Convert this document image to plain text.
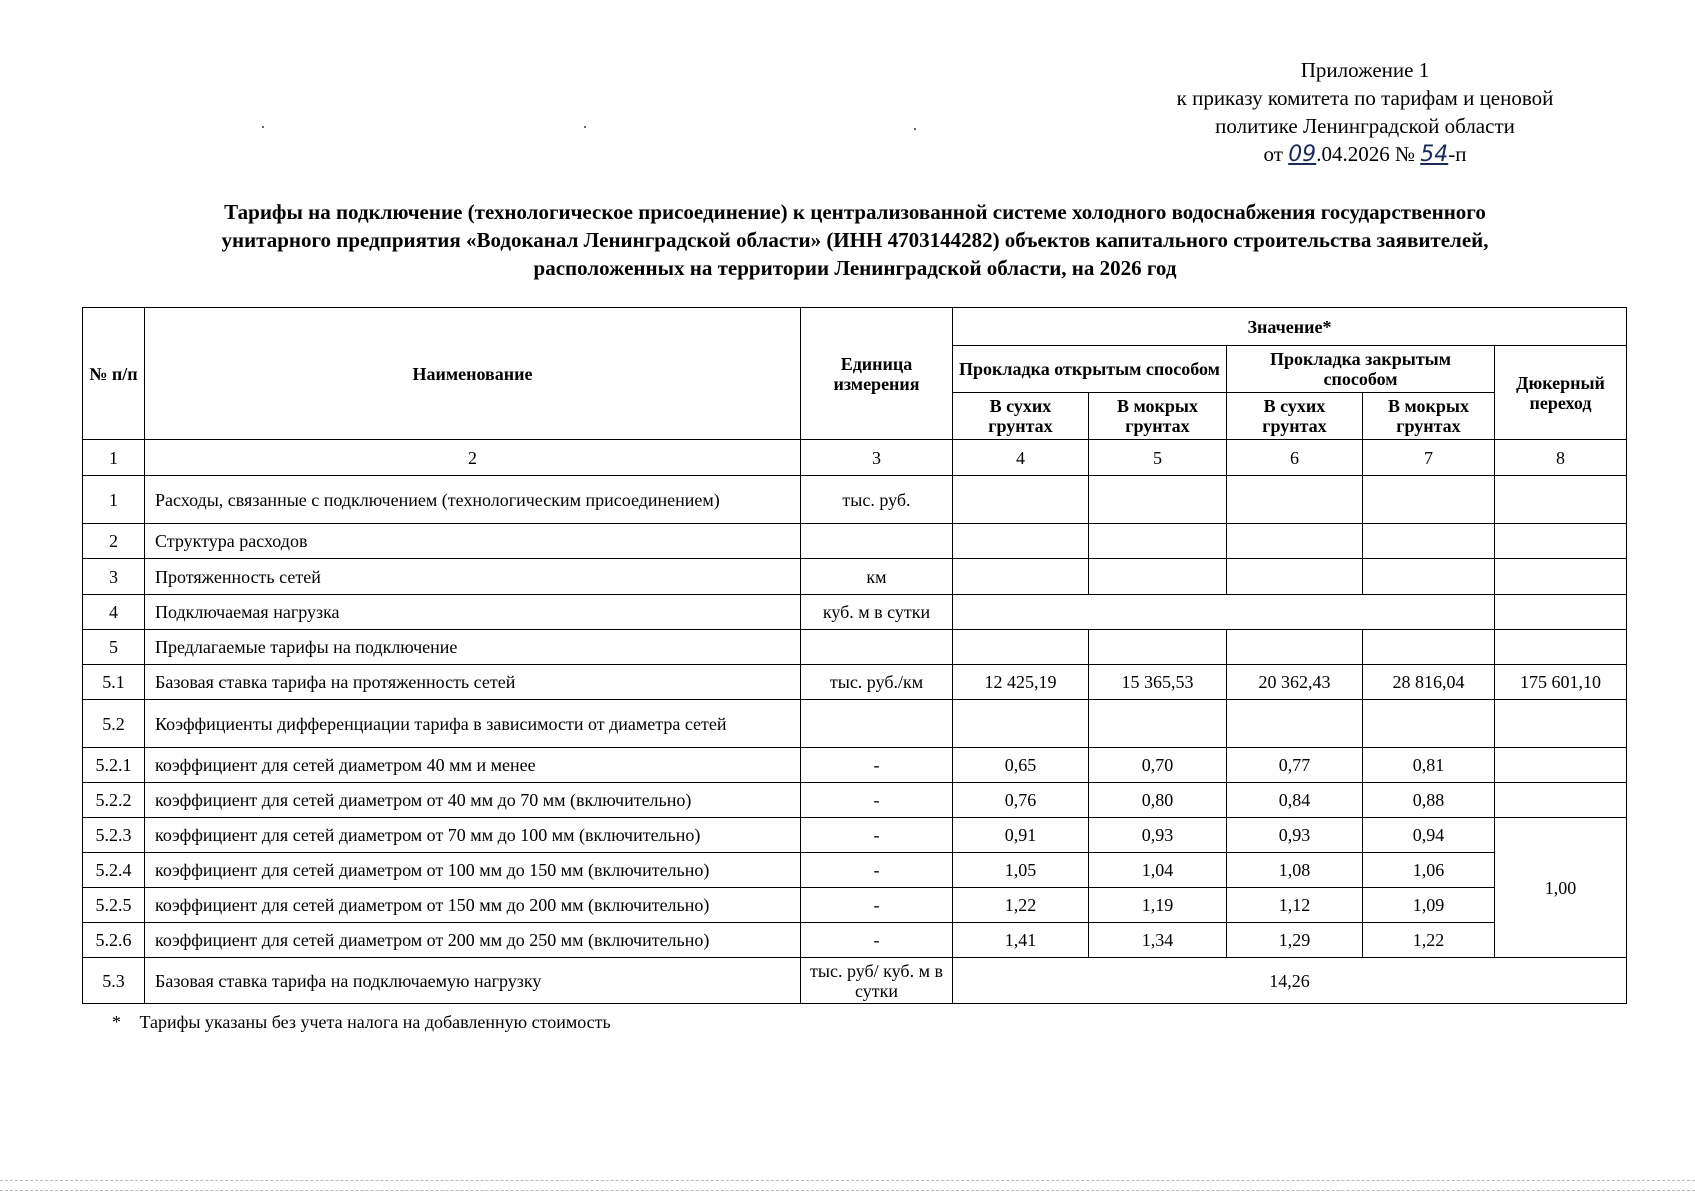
Приложение 1
к приказу комитета по тарифам и ценовой
политике Ленинградской области
от 09.04.2026 № 54-п
Тарифы на подключение (технологическое присоединение) к централизованной системе холодного водоснабжения государственного
унитарного предприятия «Водоканал Ленинградской области» (ИНН 4703144282) объектов капитального строительства заявителей,
расположенных на территории Ленинградской области, на 2026 год
№ п/п	Наименование	Единица измерения	Значение*				
			Прокладка открытым способом		Прокладка закрытым способом		Дюкерный переход
			В сухих грунтах	В мокрых грунтах	В сухих грунтах	В мокрых грунтах	
1	2	3	4	5	6	7	8
1	Расходы, связанные с подключением (технологическим присоединением)	тыс. руб.					
2	Структура расходов						
3	Протяженность сетей	км					
4	Подключаемая нагрузка	куб. м в сутки					
5	Предлагаемые тарифы на подключение						
5.1	Базовая ставка тарифа на протяженность сетей	тыс. руб./км	12 425,19	15 365,53	20 362,43	28 816,04	175 601,10
5.2	Коэффициенты дифференциации тарифа в зависимости от диаметра сетей						
5.2.1	коэффициент для сетей диаметром 40 мм и менее	-	0,65	0,70	0,77	0,81	
5.2.2	коэффициент для сетей диаметром от 40 мм до 70 мм (включительно)	-	0,76	0,80	0,84	0,88	
5.2.3	коэффициент для сетей диаметром от 70 мм до 100 мм (включительно)	-	0,91	0,93	0,93	0,94	1,00
5.2.4	коэффициент для сетей диаметром от 100 мм до 150 мм (включительно)	-	1,05	1,04	1,08	1,06	
5.2.5	коэффициент для сетей диаметром от 150 мм до 200 мм (включительно)	-	1,22	1,19	1,12	1,09	
5.2.6	коэффициент для сетей диаметром от 200 мм до 250 мм (включительно)	-	1,41	1,34	1,29	1,22	
5.3	Базовая ставка тарифа на подключаемую нагрузку	тыс. руб/ куб. м в сутки	14,26				
* Тарифы указаны без учета налога на добавленную стоимость
